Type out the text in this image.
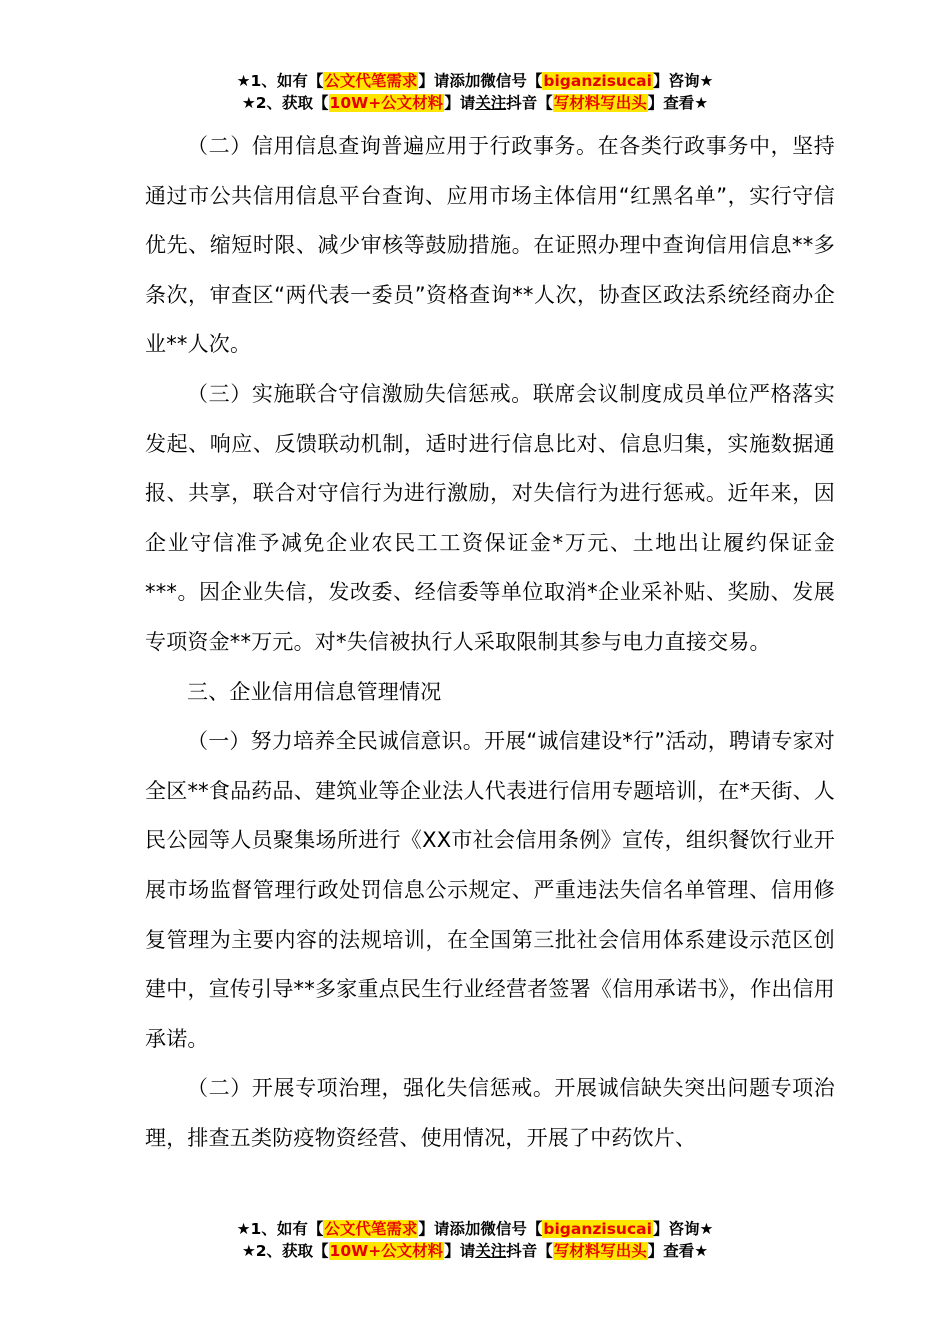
★1、如有【公文代笔需求】请添加微信号【biganzisucai】咨询★
★2、获取【10W+公文材料】请关注抖音【写材料写出头】查看★

（二）信用信息查询普遍应用于行政事务。在各类行政事务中，坚持通过市公共信用信息平台查询、应用市场主体信用“红黑名单”，实行守信优先、缩短时限、减少审核等鼓励措施。在证照办理中查询信用信息**多条次，审查区“两代表一委员”资格查询**人次，协查区政法系统经商办企业**人次。

（三）实施联合守信激励失信惩戒。联席会议制度成员单位严格落实发起、响应、反馈联动机制，适时进行信息比对、信息归集，实施数据通报、共享，联合对守信行为进行激励，对失信行为进行惩戒。近年来，因企业守信准予减免企业农民工工资保证金*万元、土地出让履约保证金***。因企业失信，发改委、经信委等单位取消*企业采补贴、奖励、发展专项资金**万元。对*失信被执行人采取限制其参与电力直接交易。

三、企业信用信息管理情况

（一）努力培养全民诚信意识。开展“诚信建设*行”活动，聘请专家对全区**食品药品、建筑业等企业法人代表进行信用专题培训，在*天街、人民公园等人员聚集场所进行《XX市社会信用条例》宣传，组织餐饮行业开展市场监督管理行政处罚信息公示规定、严重违法失信名单管理、信用修复管理为主要内容的法规培训，在全国第三批社会信用体系建设示范区创建中，宣传引导**多家重点民生行业经营者签署《信用承诺书》，作出信用承诺。

（二）开展专项治理，强化失信惩戒。开展诚信缺失突出问题专项治理，排查五类防疫物资经营、使用情况，开展了中药饮片、

★1、如有【公文代笔需求】请添加微信号【biganzisucai】咨询★
★2、获取【10W+公文材料】请关注抖音【写材料写出头】查看★
